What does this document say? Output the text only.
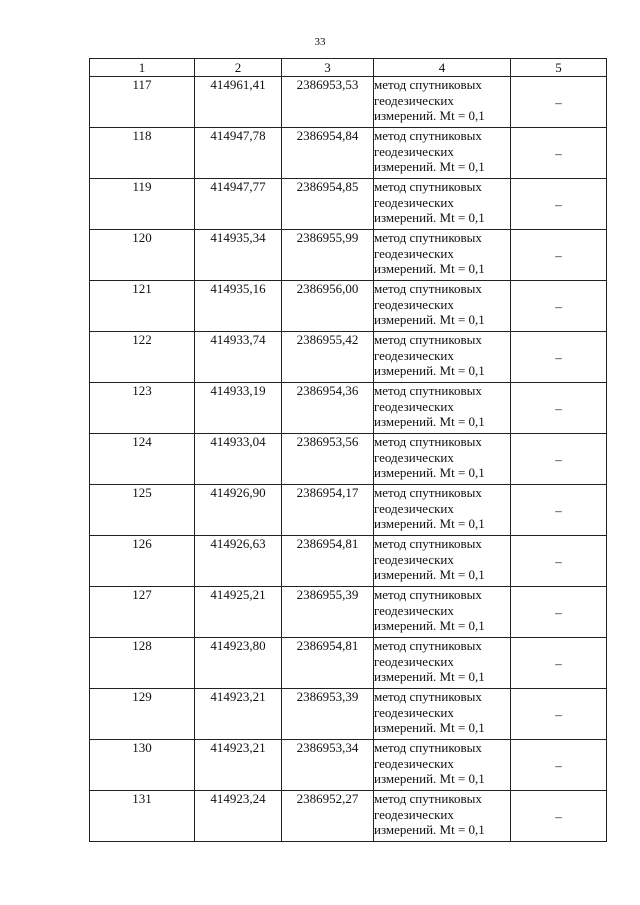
33
1	2	3	4	5
117	414961,41	2386953,53	метод спутниковых
геодезических
измерений. Mt = 0,1	–
118	414947,78	2386954,84	метод спутниковых
геодезических
измерений. Mt = 0,1	–
119	414947,77	2386954,85	метод спутниковых
геодезических
измерений. Mt = 0,1	–
120	414935,34	2386955,99	метод спутниковых
геодезических
измерений. Mt = 0,1	–
121	414935,16	2386956,00	метод спутниковых
геодезических
измерений. Mt = 0,1	–
122	414933,74	2386955,42	метод спутниковых
геодезических
измерений. Mt = 0,1	–
123	414933,19	2386954,36	метод спутниковых
геодезических
измерений. Mt = 0,1	–
124	414933,04	2386953,56	метод спутниковых
геодезических
измерений. Mt = 0,1	–
125	414926,90	2386954,17	метод спутниковых
геодезических
измерений. Mt = 0,1	–
126	414926,63	2386954,81	метод спутниковых
геодезических
измерений. Mt = 0,1	–
127	414925,21	2386955,39	метод спутниковых
геодезических
измерений. Mt = 0,1	–
128	414923,80	2386954,81	метод спутниковых
геодезических
измерений. Mt = 0,1	–
129	414923,21	2386953,39	метод спутниковых
геодезических
измерений. Mt = 0,1	–
130	414923,21	2386953,34	метод спутниковых
геодезических
измерений. Mt = 0,1	–
131	414923,24	2386952,27	метод спутниковых
геодезических
измерений. Mt = 0,1	–
